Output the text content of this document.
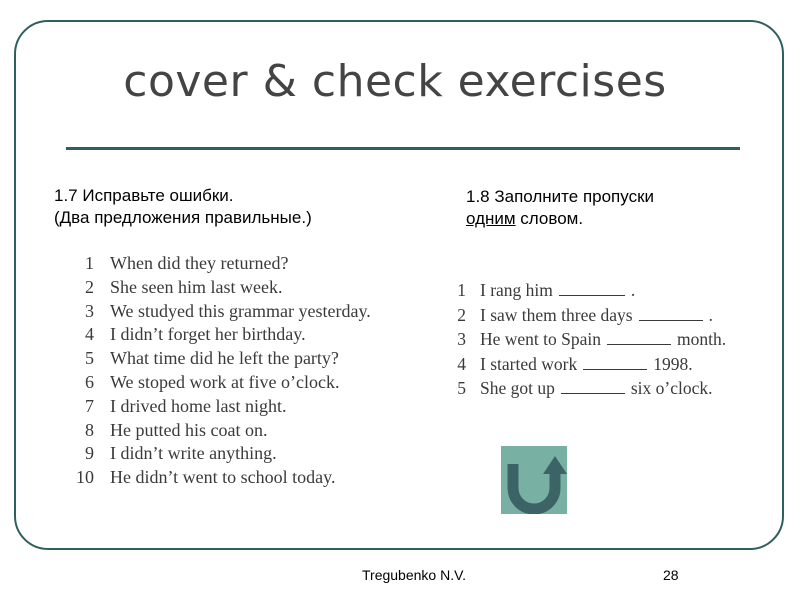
cover & check exercises
1.7 Исправьте ошибки.
(Два предложения правильные.)
1.8 Заполните пропуски
одним словом.
1 When did they returned?
2 She seen him last week.
3 We studyed this grammar yesterday.
4 I didn’t forget her birthday.
5 What time did he left the party?
6 We stoped work at five o’clock.
7 I drived home last night.
8 He putted his coat on.
9 I didn’t write anything.
10 He didn’t went to school today.
1 I rang him	.
2 I saw them three days	.
3 He went to Spain	month.
4 I started work	1998.
5 She got up	six o’clock.
Tregubenko N.V.	28
